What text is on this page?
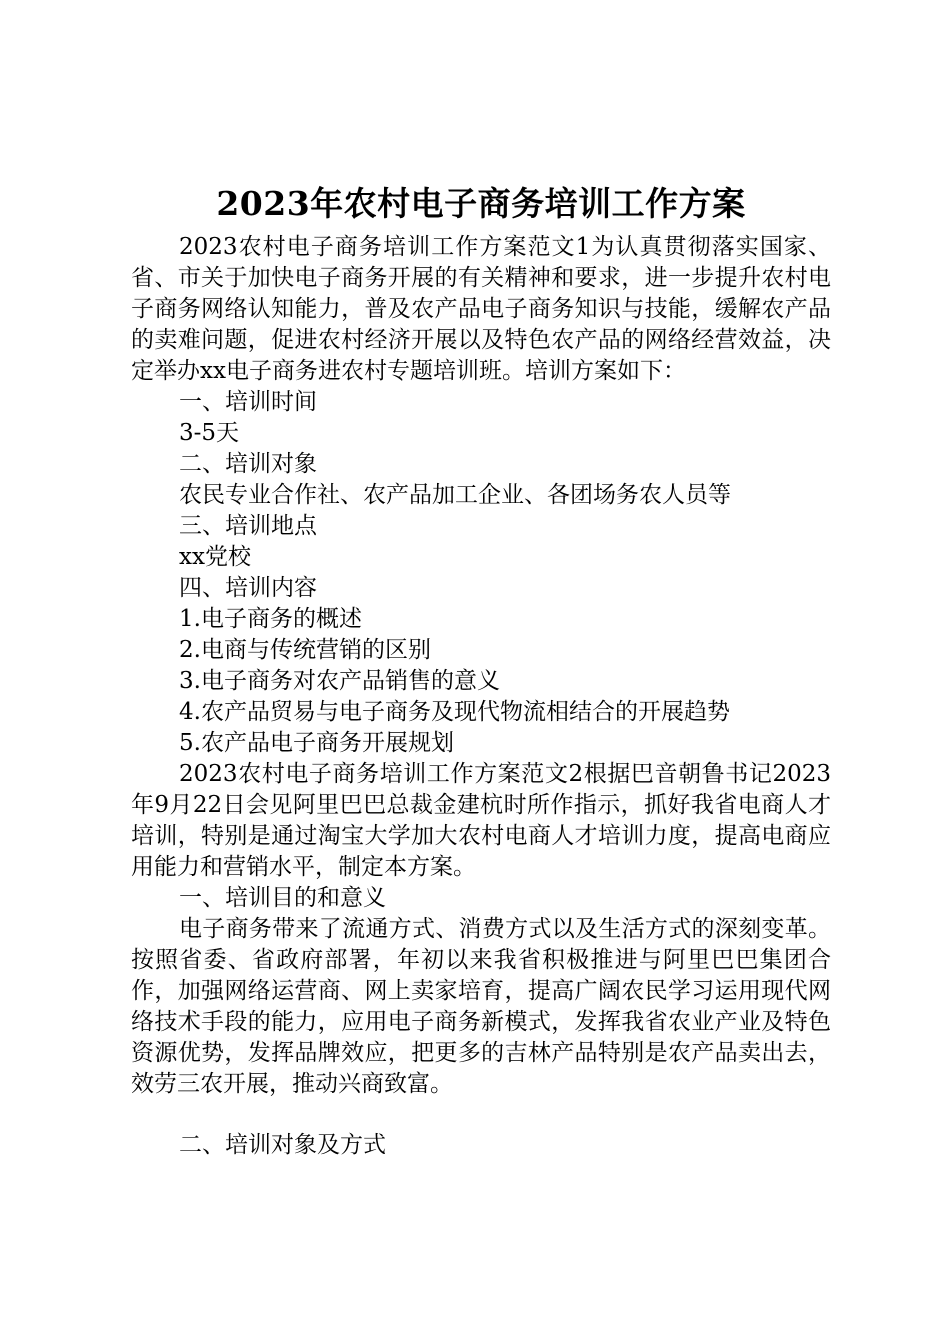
2023年农村电子商务培训工作方案

2023农村电子商务培训工作方案范文1为认真贯彻落实国家、省、市关于加快电子商务开展的有关精神和要求，进一步提升农村电子商务网络认知能力，普及农产品电子商务知识与技能，缓解农产品的卖难问题，促进农村经济开展以及特色农产品的网络经营效益，决定举办xx电子商务进农村专题培训班。培训方案如下：

一、培训时间

3-5天

二、培训对象

农民专业合作社、农产品加工企业、各团场务农人员等

三、培训地点

xx党校

四、培训内容

1.电子商务的概述

2.电商与传统营销的区别

3.电子商务对农产品销售的意义

4.农产品贸易与电子商务及现代物流相结合的开展趋势

5.农产品电子商务开展规划

2023农村电子商务培训工作方案范文2根据巴音朝鲁书记2023年9月22日会见阿里巴巴总裁金建杭时所作指示，抓好我省电商人才培训，特别是通过淘宝大学加大农村电商人才培训力度，提高电商应用能力和营销水平，制定本方案。

一、培训目的和意义

电子商务带来了流通方式、消费方式以及生活方式的深刻变革。按照省委、省政府部署，年初以来我省积极推进与阿里巴巴集团合作，加强网络运营商、网上卖家培育，提高广阔农民学习运用现代网络技术手段的能力，应用电子商务新模式，发挥我省农业产业及特色资源优势，发挥品牌效应，把更多的吉林产品特别是农产品卖出去，效劳三农开展，推动兴商致富。

二、培训对象及方式
